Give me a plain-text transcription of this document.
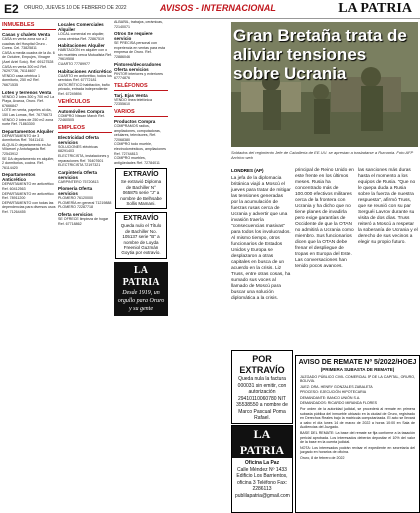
E2 ORURO, JUEVES 10 DE FEBRERO DE 2022	AVISOS - INTERNACIONAL	LA PATRIA
INMUEBLES
Casas y chalets Venta
CASA en venta zona sur a 2 cuadras del Hospital Oruro - Corea. Cel. 73825811
CASA a media cuadra de la Av. 6 de Octubre, Empujes, Vinagre (Axel Ariel Soto). Ref. 69127528
CASA en venta 300 m2 Ref. 76297736, 76116607
VENDO casa céntrica 1 dormitorio, 250 m2 Ref. 76671535
Lotes y terrenos Venta
VENDO 2 lotes 300 y 700 m2 La Playa, Avaroa, Oruro. Ref. 67666847
LOTE en venta, papeles al día, 150 Las Lomas, Ref. 76776673
VENDO 2 lotes de 250 m2 zona norte Ref. 71863300
Departamentos Alquiler
DEPARTAMENTO de 3 dormitorios Ref. 76411411
ALQUILO departamento en Av. Villarroel y Antofagasta Ref. 72543912
SE DA departamento en alquiler, 2 dormitorios, cocina. Ref. 76114420
Departamentos Anticrético
DEPARTAMENTO en anticrético Ref. 60412563
DEPARTAMENTO en anticrético Ref. 78911200
DEPARTAMENTO con todas las dependencias para diversos usos Ref. 71264455
Locales Comerciales Alquiler
LOCAL comercial en alquiler, zona céntrica Ref. 72867519
Habitaciones Alquiler
HABITACIÓN en alquiler con o sin muebles cerca Mutualista Ref. 79619508
CUARTO 77789977
Habitaciones Anticrético
CUARTO en anticrético, todos los servicios Ref. 67772181
ANTICRÉTICO habitación, baño privado, entrada independiente Ref. 67249894
VEHÍCULOS
Automóviles Compra
COMPRO Nissan March Ref. 72460505
EMPLEOS
Electricidad Oferta servicios
SOLUCIONES eléctricas 68291403
ELECTRICISTA, instalaciones y reparaciones Ref. 76407601
ELECTRICISTA 72197321
Carpintería Oferta servicios
CARPINTERO 75720813
Plomería Oferta servicios
PLOMERO 76120000
PLOMERÍA en general 71219888
PLOMERO 72287718
Oferta servicios
SE OFRECE limpieza de hogar Ref. 67718862
ALBAÑIL, trabajos, cerámicas, 72140071
Otros Se requiere servicio
SE PRECISA personal con experiencia en ventas para esta empresa de Oruro. Ref. 72886046
Pintores/decoradores Oferta servicios
PINTOR interiores y exteriores 67774876
TELÉFONOS
Tarj. Ejas Venta
VENDO línea telefónica 72355610
VARIOS
Productos Compra
COMPRAMOS radios, ampliaciones, computadoras, celulares, televisores, Ref. 72068380
COMPRO todo mueble, electrodomésticos, ampliaciones Ref. 72744813
COMPRO muebles, antigüedades Ref. 72784011
EXTRAVÍO
Se extravió Diploma de Bachiller N° 065875 serie "J" a nombre de Belhsabe Sollis Mamani.
EXTRAVÍO
Queda nulo el Título de Bachiller No. 105137 serie "B" a nombre de Loyda Freeniol Guzmán Goytia por extravío.
LA PATRIA
Desde 1919, un orgullo para Oruro y su gente
Gran Bretaña trata de aliviar tensiones sobre Ucrania
Soldados del regimiento Jefe de Caballería de EE.UU. se aprestan a trasladarse a Rumania. Foto AFP Archivo web
LONDRES (AP)
La jefa de la diplomacia británica viajó a Moscú el jueves para tratar de mitigar las tensiones generadas por la acumulación de fuerzas rusas cerca de Ucrania y advertir que una invasión traería "consecuencias masivas" para todos los involucrados. Al mismo tiempo, otros funcionarios de Estados Unidos y Europa se desplazaron a otras capitales en busca de un acuerdo en la crisis. Liz Truss, entre otras cosas, ha sumado sus voces al llamado de Moscú para buscar una solución diplomática a la crisis.
principal de Reino Unido en este frente en los últimos meses. Rusia ha concentrado más de 100.000 efectivos militares cerca de la frontera con Ucrania y ha dicho que no tiene planes de invadirla pero exige garantías de Occidente de que la OTAN no admitirá a Ucrania como miembro. Sus funcionarios dicen que la OTAN debe frenar el despliegue de tropas en Europa del Este. Las conversaciones han tenido pocos avances.
las sanciones más duras hasta el momento a los equipos de Rusia. "Que no le quepa duda a Rusia sobre la fuerza de nuestra respuesta", afirmó Truss, que se reunió con su par Serguéi Lavrov durante su visita de dos días. Truss reiteró a Moscú a respetar la soberanía de Ucrania y el derecho de sus vecinos a elegir su propio futuro.
POR EXTRAVÍO
Queda nula la factura 000031 sin emitir, con autorización 29410110060780 NIT 35538550 a nombre de Marco Pascual Poma Rafael.
LA PATRIA
Oficina La Paz
Calle Méndez Nº 1433 Edificio Los Barrientos, oficina 3 Teléfono Fax: 2286113 publilapatria@gmail.com
AVISO DE REMATE Nº 5/2022/HOEJ
(PRIMERA SUBASTA DE REMATE)
JUZGADO PÚBLICO CIVIL COMERCIAL 5º DE LA CAPITAL, ORURO, BOLIVIA.
JUEZ: DRA. HENRY GONZALES ZABALETA
PROCESO: EJECUCIÓN HIPOTECARIA
DEMANDANTE: BANCO UNIÓN S.A.
DEMANDADOS: RICARDO MIRANDA FLORES
Por orden de la autoridad judicial, se procederá al remate en primera subasta pública del inmueble ubicado en la ciudad de Oruro, registrado en Derechos Reales bajo la matrícula computarizada. El acto se llevará a cabo el día lunes 14 de marzo de 2022 a horas 10:00 en Sala de Audiencias del Juzgado.
BASE DEL REMATE: La base del remate se fija conforme a la tasación pericial aprobada. Los interesados deberán depositar el 10% del valor de la base en la cuenta judicial.
NOTA: Los interesados podrán revisar el expediente en secretaría del juzgado en horarios de oficina.
Oruro, 8 de febrero de 2022
